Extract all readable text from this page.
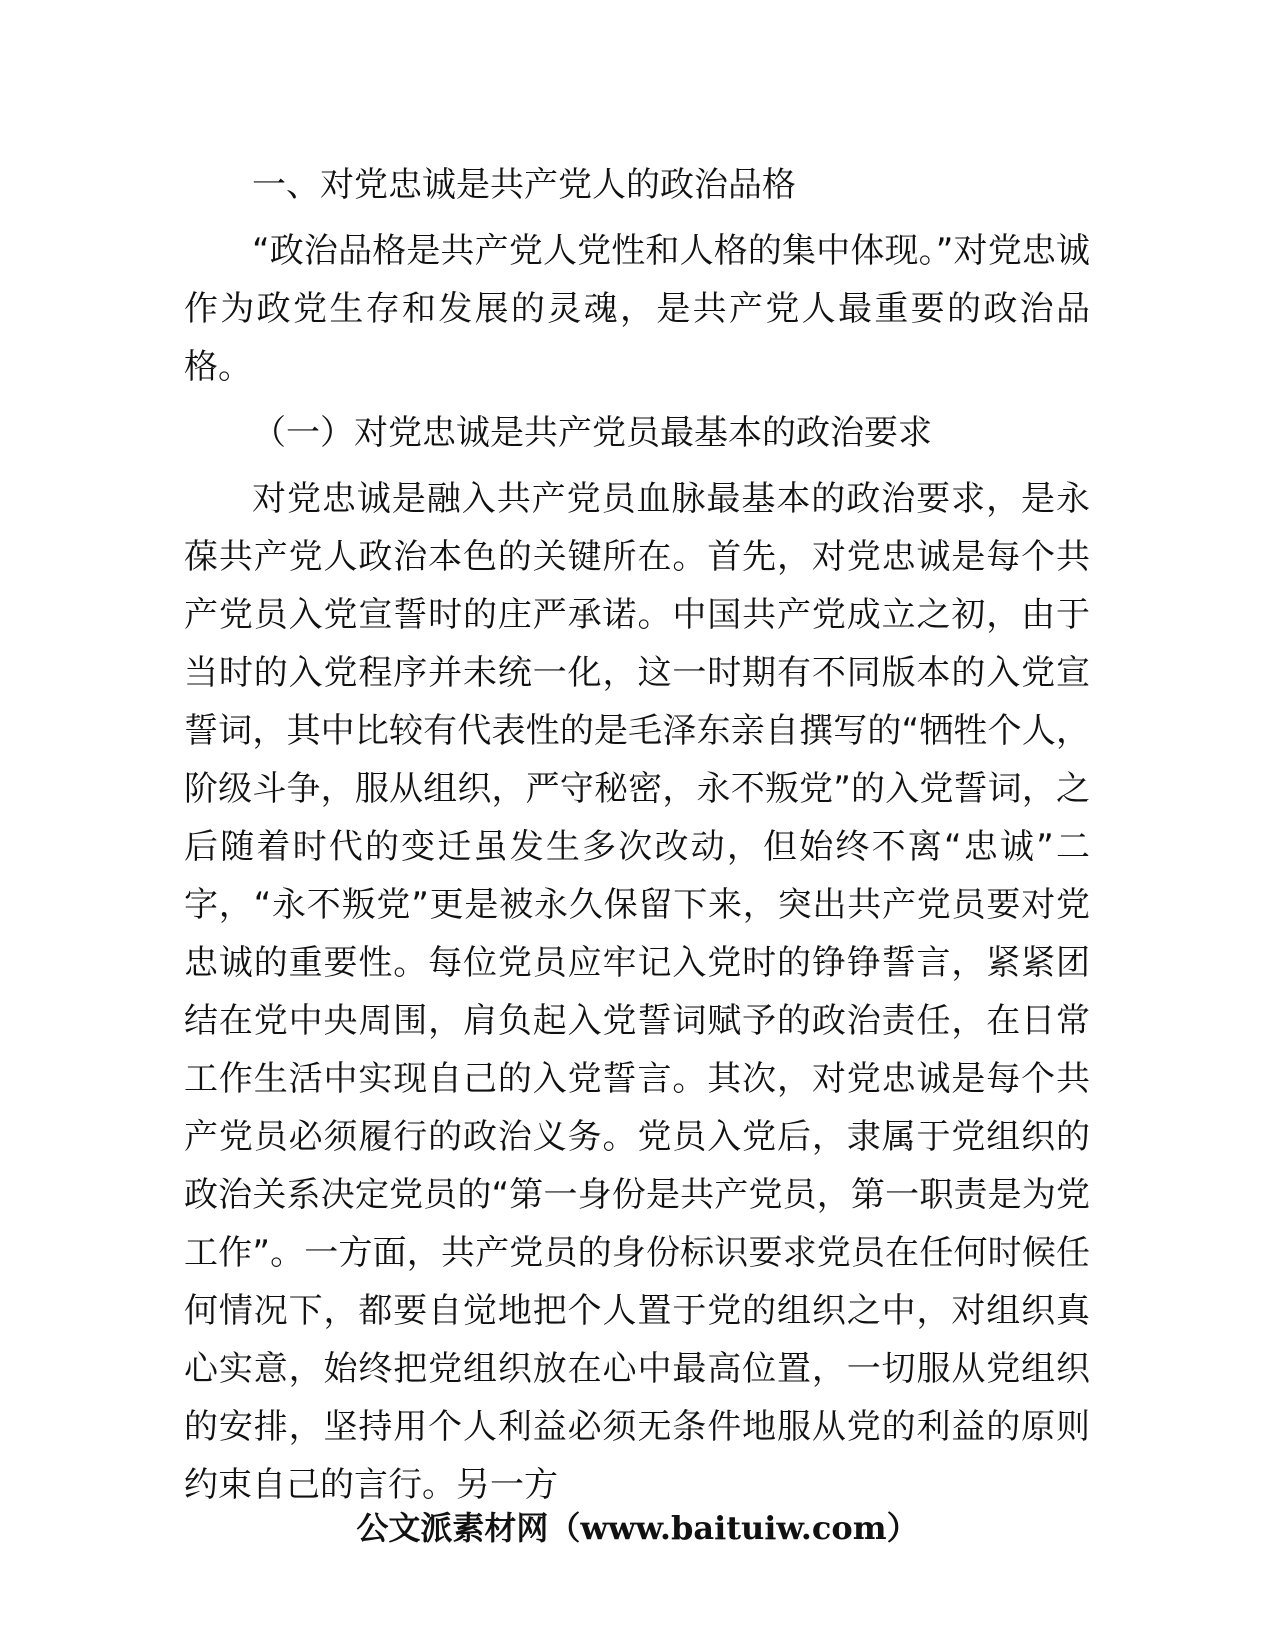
一、对党忠诚是共产党人的政治品格

“政治品格是共产党人党性和人格的集中体现。”对党忠诚作为政党生存和发展的灵魂，是共产党人最重要的政治品格。

（一）对党忠诚是共产党员最基本的政治要求

对党忠诚是融入共产党员血脉最基本的政治要求，是永葆共产党人政治本色的关键所在。首先，对党忠诚是每个共产党员入党宣誓时的庄严承诺。中国共产党成立之初，由于当时的入党程序并未统一化，这一时期有不同版本的入党宣誓词，其中比较有代表性的是毛泽东亲自撰写的“牺牲个人，阶级斗争，服从组织，严守秘密，永不叛党”的入党誓词，之后随着时代的变迁虽发生多次改动，但始终不离“忠诚”二字，“永不叛党”更是被永久保留下来，突出共产党员要对党忠诚的重要性。每位党员应牢记入党时的铮铮誓言，紧紧团结在党中央周围，肩负起入党誓词赋予的政治责任，在日常工作生活中实现自己的入党誓言。其次，对党忠诚是每个共产党员必须履行的政治义务。党员入党后，隶属于党组织的政治关系决定党员的“第一身份是共产党员，第一职责是为党工作”。一方面，共产党员的身份标识要求党员在任何时候任何情况下，都要自觉地把个人置于党的组织之中，对组织真心实意，始终把党组织放在心中最高位置，一切服从党组织的安排，坚持用个人利益必须无条件地服从党的利益的原则约束自己的言行。另一方

公文派素材网（www.baituiw.com）
